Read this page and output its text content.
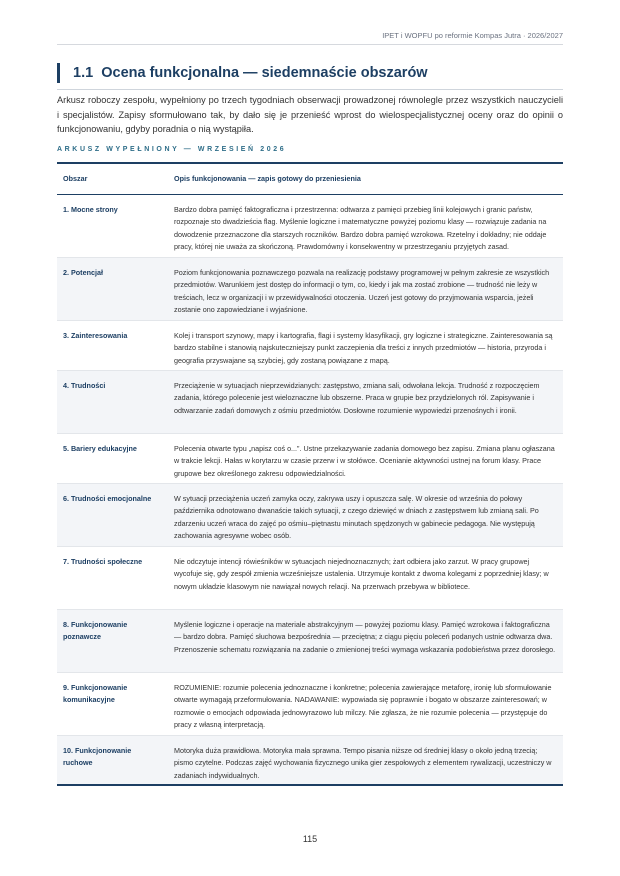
IPET i WOPFU po reformie Kompas Jutra · 2026/2027
1.1 Ocena funkcjonalna — siedemnaście obszarów

Arkusz roboczy zespołu, wypełniony po trzech tygodniach obserwacji prowadzonej równolegle przez wszystkich nauczycieli i specjalistów. Zapisy sformułowano tak, by dało się je przenieść wprost do wielospecjalistycznej oceny oraz do opinii o funkcjonowaniu, gdyby poradnia o nią wystąpiła.

ARKUSZ WYPEŁNIONY — WRZESIEŃ 2026
Obszar	Opis funkcjonowania — zapis gotowy do przeniesienia
1. Mocne strony	Bardzo dobra pamięć faktograficzna i przestrzenna: odtwarza z pamięci przebieg linii kolejowych i granic państw, rozpoznaje sto dwadzieścia flag. Myślenie logiczne i matematyczne powyżej poziomu klasy — rozwiązuje zadania na dowodzenie przeznaczone dla starszych roczników. Bardzo dobra pamięć wzrokowa. Rzetelny i dokładny; nie oddaje pracy, której nie uważa za skończoną. Prawdomówny i konsekwentny w przestrzeganiu przyjętych zasad.
2. Potencjał	Poziom funkcjonowania poznawczego pozwala na realizację podstawy programowej w pełnym zakresie ze wszystkich przedmiotów. Warunkiem jest dostęp do informacji o tym, co, kiedy i jak ma zostać zrobione — trudność nie leży w treściach, lecz w organizacji i w przewidywalności otoczenia. Uczeń jest gotowy do przyjmowania wsparcia, jeżeli zostanie ono zapowiedziane i wyjaśnione.
3. Zainteresowania	Kolej i transport szynowy, mapy i kartografia, flagi i systemy klasyfikacji, gry logiczne i strategiczne. Zainteresowania są bardzo stabilne i stanowią najskuteczniejszy punkt zaczepienia dla treści z innych przedmiotów — historia, przyroda i geografia przyswajane są szybciej, gdy zostaną powiązane z mapą.
4. Trudności	Przeciążenie w sytuacjach nieprzewidzianych: zastępstwo, zmiana sali, odwołana lekcja. Trudność z rozpoczęciem zadania, którego polecenie jest wieloznaczne lub obszerne. Praca w grupie bez przydzielonych ról. Zapisywanie i odtwarzanie zadań domowych z ośmiu przedmiotów. Dosłowne rozumienie wypowiedzi przenośnych i ironii.
5. Bariery edukacyjne	Polecenia otwarte typu „napisz coś o...”. Ustne przekazywanie zadania domowego bez zapisu. Zmiana planu ogłaszana w trakcie lekcji. Hałas w korytarzu w czasie przerw i w stołówce. Ocenianie aktywności ustnej na forum klasy. Prace grupowe bez określonego zakresu odpowiedzialności.
6. Trudności emocjonalne	W sytuacji przeciążenia uczeń zamyka oczy, zakrywa uszy i opuszcza salę. W okresie od września do połowy października odnotowano dwanaście takich sytuacji, z czego dziewięć w dniach z zastępstwem lub zmianą sali. Po zdarzeniu uczeń wraca do zajęć po ośmiu–piętnastu minutach spędzonych w gabinecie pedagoga. Nie występują zachowania agresywne wobec osób.
7. Trudności społeczne	Nie odczytuje intencji rówieśników w sytuacjach niejednoznacznych; żart odbiera jako zarzut. W pracy grupowej wycofuje się, gdy zespół zmienia wcześniejsze ustalenia. Utrzymuje kontakt z dwoma kolegami z poprzedniej klasy; w nowym układzie klasowym nie nawiązał nowych relacji. Na przerwach przebywa w bibliotece.
8. Funkcjonowanie poznawcze	Myślenie logiczne i operacje na materiale abstrakcyjnym — powyżej poziomu klasy. Pamięć wzrokowa i faktograficzna — bardzo dobra. Pamięć słuchowa bezpośrednia — przeciętna; z ciągu pięciu poleceń podanych ustnie odtwarza dwa. Przenoszenie schematu rozwiązania na zadanie o zmienionej treści wymaga wskazania podobieństwa przez dorosłego.
9. Funkcjonowanie komunikacyjne	ROZUMIENIE: rozumie polecenia jednoznaczne i konkretne; polecenia zawierające metaforę, ironię lub sformułowanie otwarte wymagają przeformułowania. NADAWANIE: wypowiada się poprawnie i bogato w obszarze zainteresowań; w rozmowie o emocjach odpowiada jednowyrazowo lub milczy. Nie zgłasza, że nie rozumie polecenia — przystępuje do pracy z własną interpretacją.
10. Funkcjonowanie ruchowe	Motoryka duża prawidłowa. Motoryka mała sprawna. Tempo pisania niższe od średniej klasy o około jedną trzecią; pismo czytelne. Podczas zajęć wychowania fizycznego unika gier zespołowych z elementem rywalizacji, uczestniczy w zadaniach indywidualnych.
115
